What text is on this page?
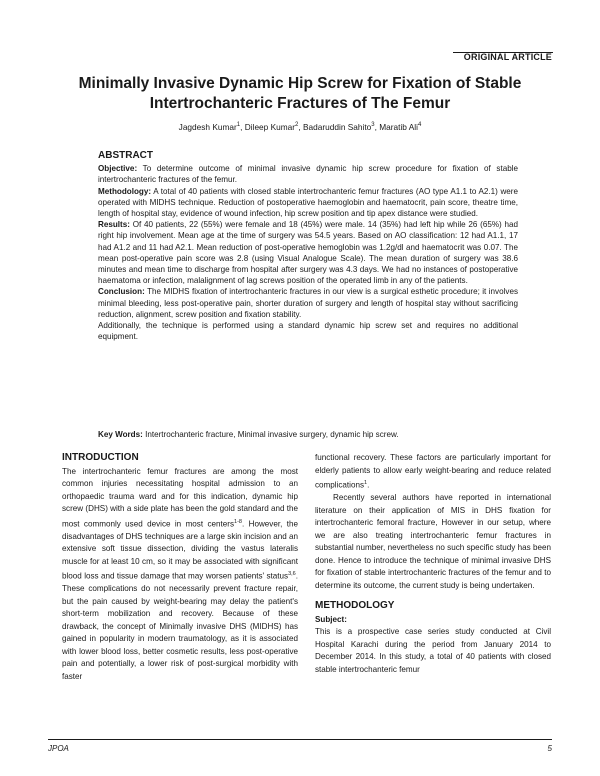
ORIGINAL ARTICLE
Minimally Invasive Dynamic Hip Screw for Fixation of Stable
Intertrochanteric Fractures of The Femur
Jagdesh Kumar$^1$, Dileep Kumar$^2$, Badaruddin Sahito$^3$, Maratib Ali$^4$
ABSTRACT

Objective: To determine outcome of minimal invasive dynamic hip screw procedure for fixation of stable intertrochanteric fractures of the femur.

Methodology: A total of 40 patients with closed stable intertrochanteric femur fractures (AO type A1.1 to A2.1) were operated with MIDHS technique. Reduction of postoperative haemoglobin and haematocrit, pain score, theatre time, length of hospital stay, evidence of wound infection, hip screw position and tip apex distance were studied.

Results: Of 40 patients, 22 (55%) were female and 18 (45%) were male. 14 (35%) had left hip while 26 (65%) had right hip involvement. Mean age at the time of surgery was 54.5 years. Based on AO classification: 12 had A1.1, 17 had A1.2 and 11 had A2.1. Mean reduction of post-operative hemoglobin was 1.2g/dl and haematocrit was 0.07. The mean post-operative pain score was 2.8 (using Visual Analogue Scale). The mean duration of surgery was 38.6 minutes and mean time to discharge from hospital after surgery was 4.3 days. We had no instances of postoperative haematoma or infection, malalignment of lag screws position of the operated limb in any of the patients.

Conclusion: The MIDHS fixation of intertrochanteric fractures in our view is a surgical esthetic procedure; it involves minimal bleeding, less post-operative pain, shorter duration of surgery and length of hospital stay without sacrificing reduction, alignment, screw position and fixation stability.

Additionally, the technique is performed using a standard dynamic hip screw set and requires no additional equipment.

Key Words: Intertrochanteric fracture, Minimal invasive surgery, dynamic hip screw.
INTRODUCTION

The intertrochanteric femur fractures are among the most common injuries necessitating hospital admission to an orthopaedic trauma ward and for this indication, dynamic hip screw (DHS) with a side plate has been the gold standard and the most commonly used device in most centers$^{1-8}$. However, the disadvantages of DHS techniques are a large skin incision and an extensive soft tissue dissection, dividing the vastus lateralis muscle for at least 10 cm, so it may be associated with significant blood loss and tissue damage that may worsen patients' status$^{3,6}$. These complications do not necessarily prevent fracture repair, but the pain caused by weight-bearing may delay the patient's short-term mobilization and recovery. Because of these drawback, the concept of Minimally invasive DHS (MIDHS) has gained in popularity in modern traumatology, as it is associated with lower blood loss, better cosmetic results, less post-operative pain and potentially, a lower risk of post-surgical morbidity with faster

functional recovery. These factors are particularly important for elderly patients to allow early weight-bearing and reduce related complications$^1$.

Recently several authors have reported in international literature on their application of MIS in DHS fixation for intertrochanteric femoral fracture, However in our setup, where we are also treating intertrochanteric femur fractures in substantial number, nevertheless no such specific study has been done. Hence to introduce the technique of minimal invasive DHS for fixation of stable intertrochanteric fractures of the femur and to determine its outcome, the current study is being undertaken.

METHODOLOGY
Subject:

This is a prospective case series study conducted at Civil Hospital Karachi during the period from January 2014 to December 2014. In this study, a total of 40 patients with closed stable intertrochanteric femur

JPOA	5
